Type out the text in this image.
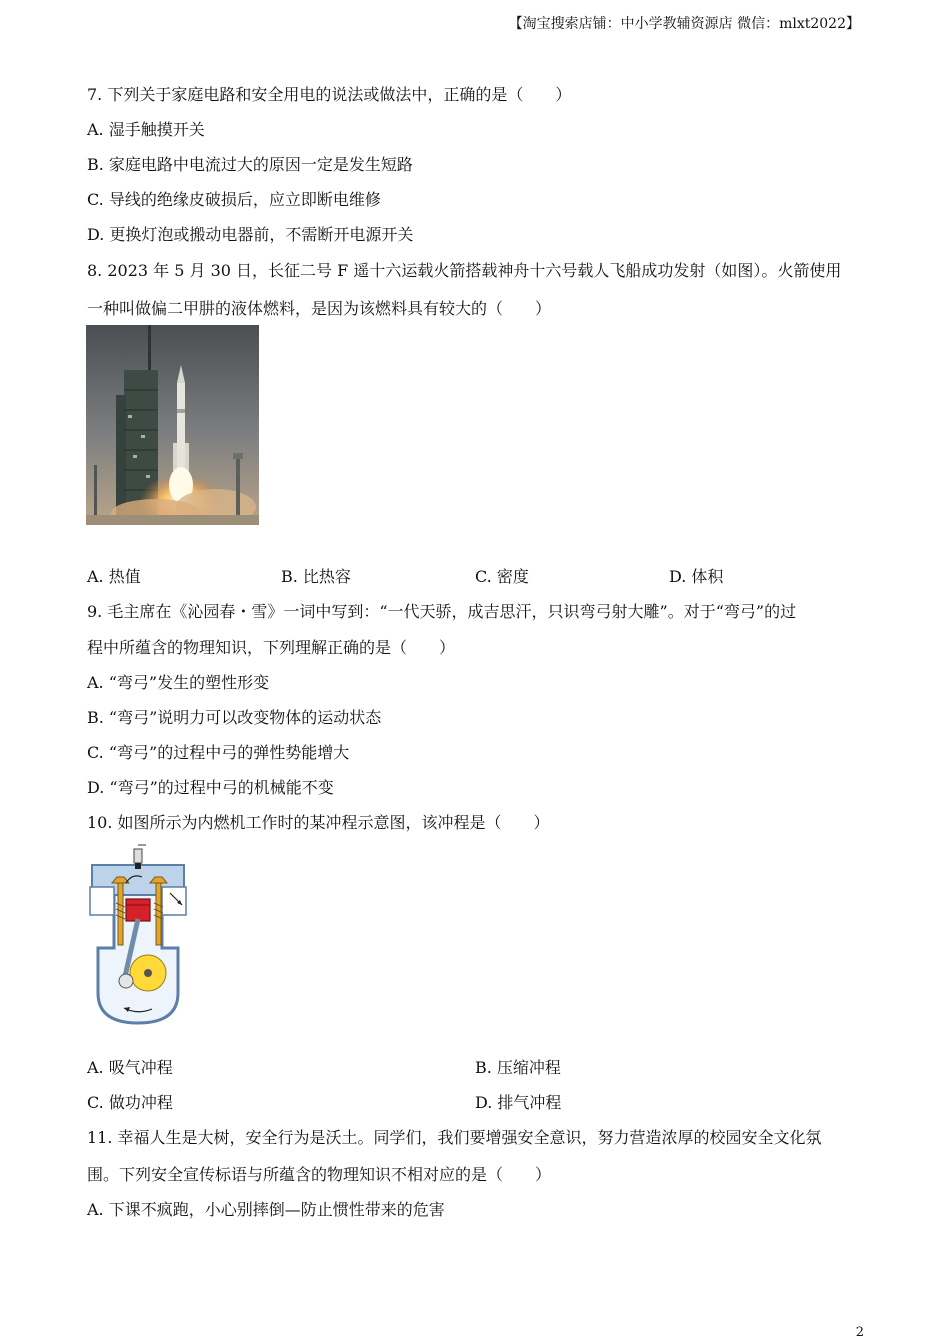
【淘宝搜索店铺：中小学教辅资源店 微信：mlxt2022】
7. 下列关于家庭电路和安全用电的说法或做法中，正确的是（　　）
A. 湿手触摸开关
B. 家庭电路中电流过大的原因一定是发生短路
C. 导线的绝缘皮破损后，应立即断电维修
D. 更换灯泡或搬动电器前，不需断开电源开关
8. 2023 年 5 月 30 日，长征二号 F 遥十六运载火箭搭载神舟十六号载人飞船成功发射（如图）。火箭使用
一种叫做偏二甲肼的液体燃料，是因为该燃料具有较大的（　　）
A. 热值	B. 比热容	C. 密度	D. 体积
9. 毛主席在《沁园春・雪》一词中写到：“一代天骄，成吉思汗，只识弯弓射大雕”。对于“弯弓”的过
程中所蕴含的物理知识，下列理解正确的是（　　）
A. “弯弓”发生的塑性形变
B. “弯弓”说明力可以改变物体的运动状态
C. “弯弓”的过程中弓的弹性势能增大
D. “弯弓”的过程中弓的机械能不变
10. 如图所示为内燃机工作时的某冲程示意图，该冲程是（　　）
A. 吸气冲程	B. 压缩冲程
C. 做功冲程	D. 排气冲程
11. 幸福人生是大树，安全行为是沃土。同学们，我们要增强安全意识，努力营造浓厚的校园安全文化氛
围。下列安全宣传标语与所蕴含的物理知识不相对应的是（　　）
A. 下课不疯跑，小心别摔倒—防止惯性带来的危害
2
